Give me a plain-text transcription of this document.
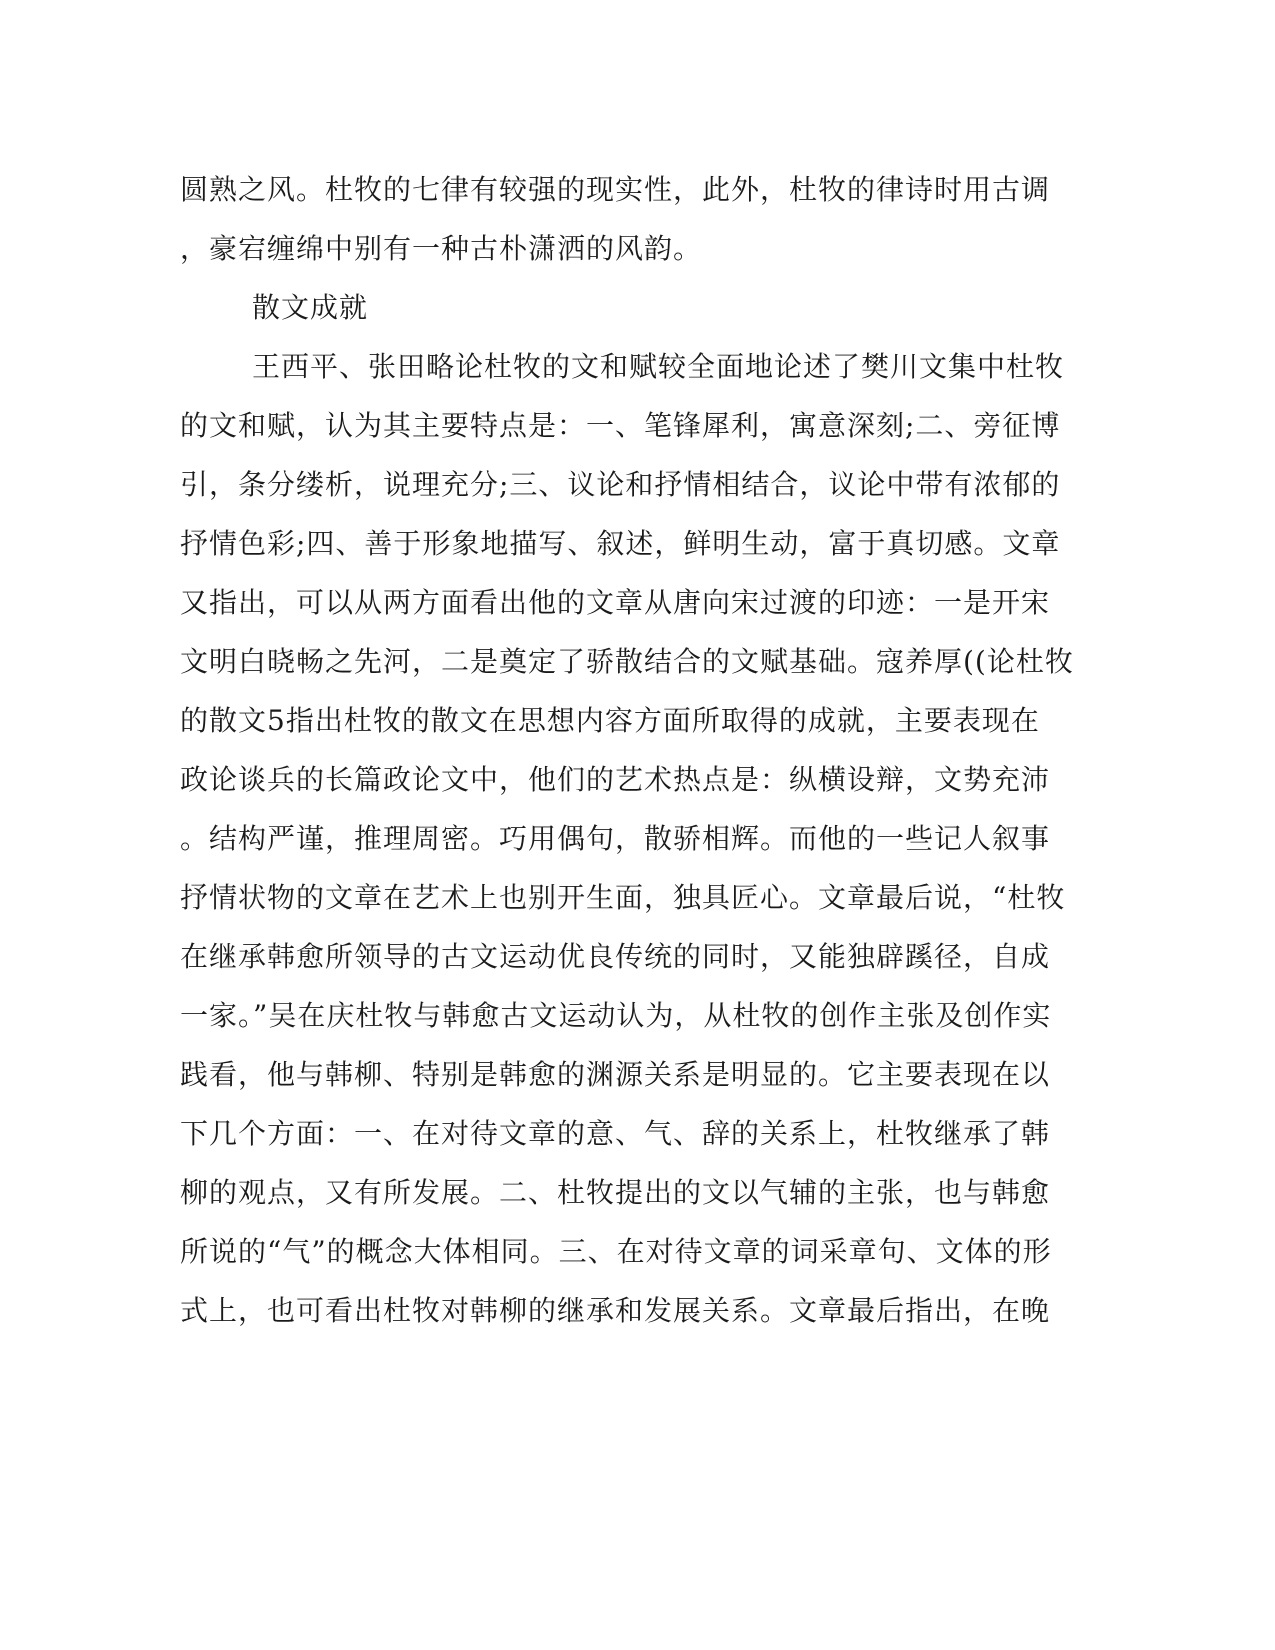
圆熟之风。杜牧的七律有较强的现实性，此外，杜牧的律诗时用古调
，豪宕缠绵中别有一种古朴潇洒的风韵。
散文成就
王西平、张田略论杜牧的文和赋较全面地论述了樊川文集中杜牧
的文和赋，认为其主要特点是：一、笔锋犀利，寓意深刻;二、旁征博
引，条分缕析，说理充分;三、议论和抒情相结合，议论中带有浓郁的
抒情色彩;四、善于形象地描写、叙述，鲜明生动，富于真切感。文章
又指出，可以从两方面看出他的文章从唐向宋过渡的印迹：一是开宋
文明白晓畅之先河，二是奠定了骄散结合的文赋基础。寇养厚((论杜牧
的散文5指出杜牧的散文在思想内容方面所取得的成就，主要表现在
政论谈兵的长篇政论文中，他们的艺术热点是：纵横设辩，文势充沛
。结构严谨，推理周密。巧用偶句，散骄相辉。而他的一些记人叙事
抒情状物的文章在艺术上也别开生面，独具匠心。文章最后说，“杜牧
在继承韩愈所领导的古文运动优良传统的同时，又能独辟蹊径，自成
一家。”吴在庆杜牧与韩愈古文运动认为，从杜牧的创作主张及创作实
践看，他与韩柳、特别是韩愈的渊源关系是明显的。它主要表现在以
下几个方面：一、在对待文章的意、气、辞的关系上，杜牧继承了韩
柳的观点，又有所发展。二、杜牧提出的文以气辅的主张，也与韩愈
所说的“气”的概念大体相同。三、在对待文章的词采章句、文体的形
式上，也可看出杜牧对韩柳的继承和发展关系。文章最后指出，在晚
